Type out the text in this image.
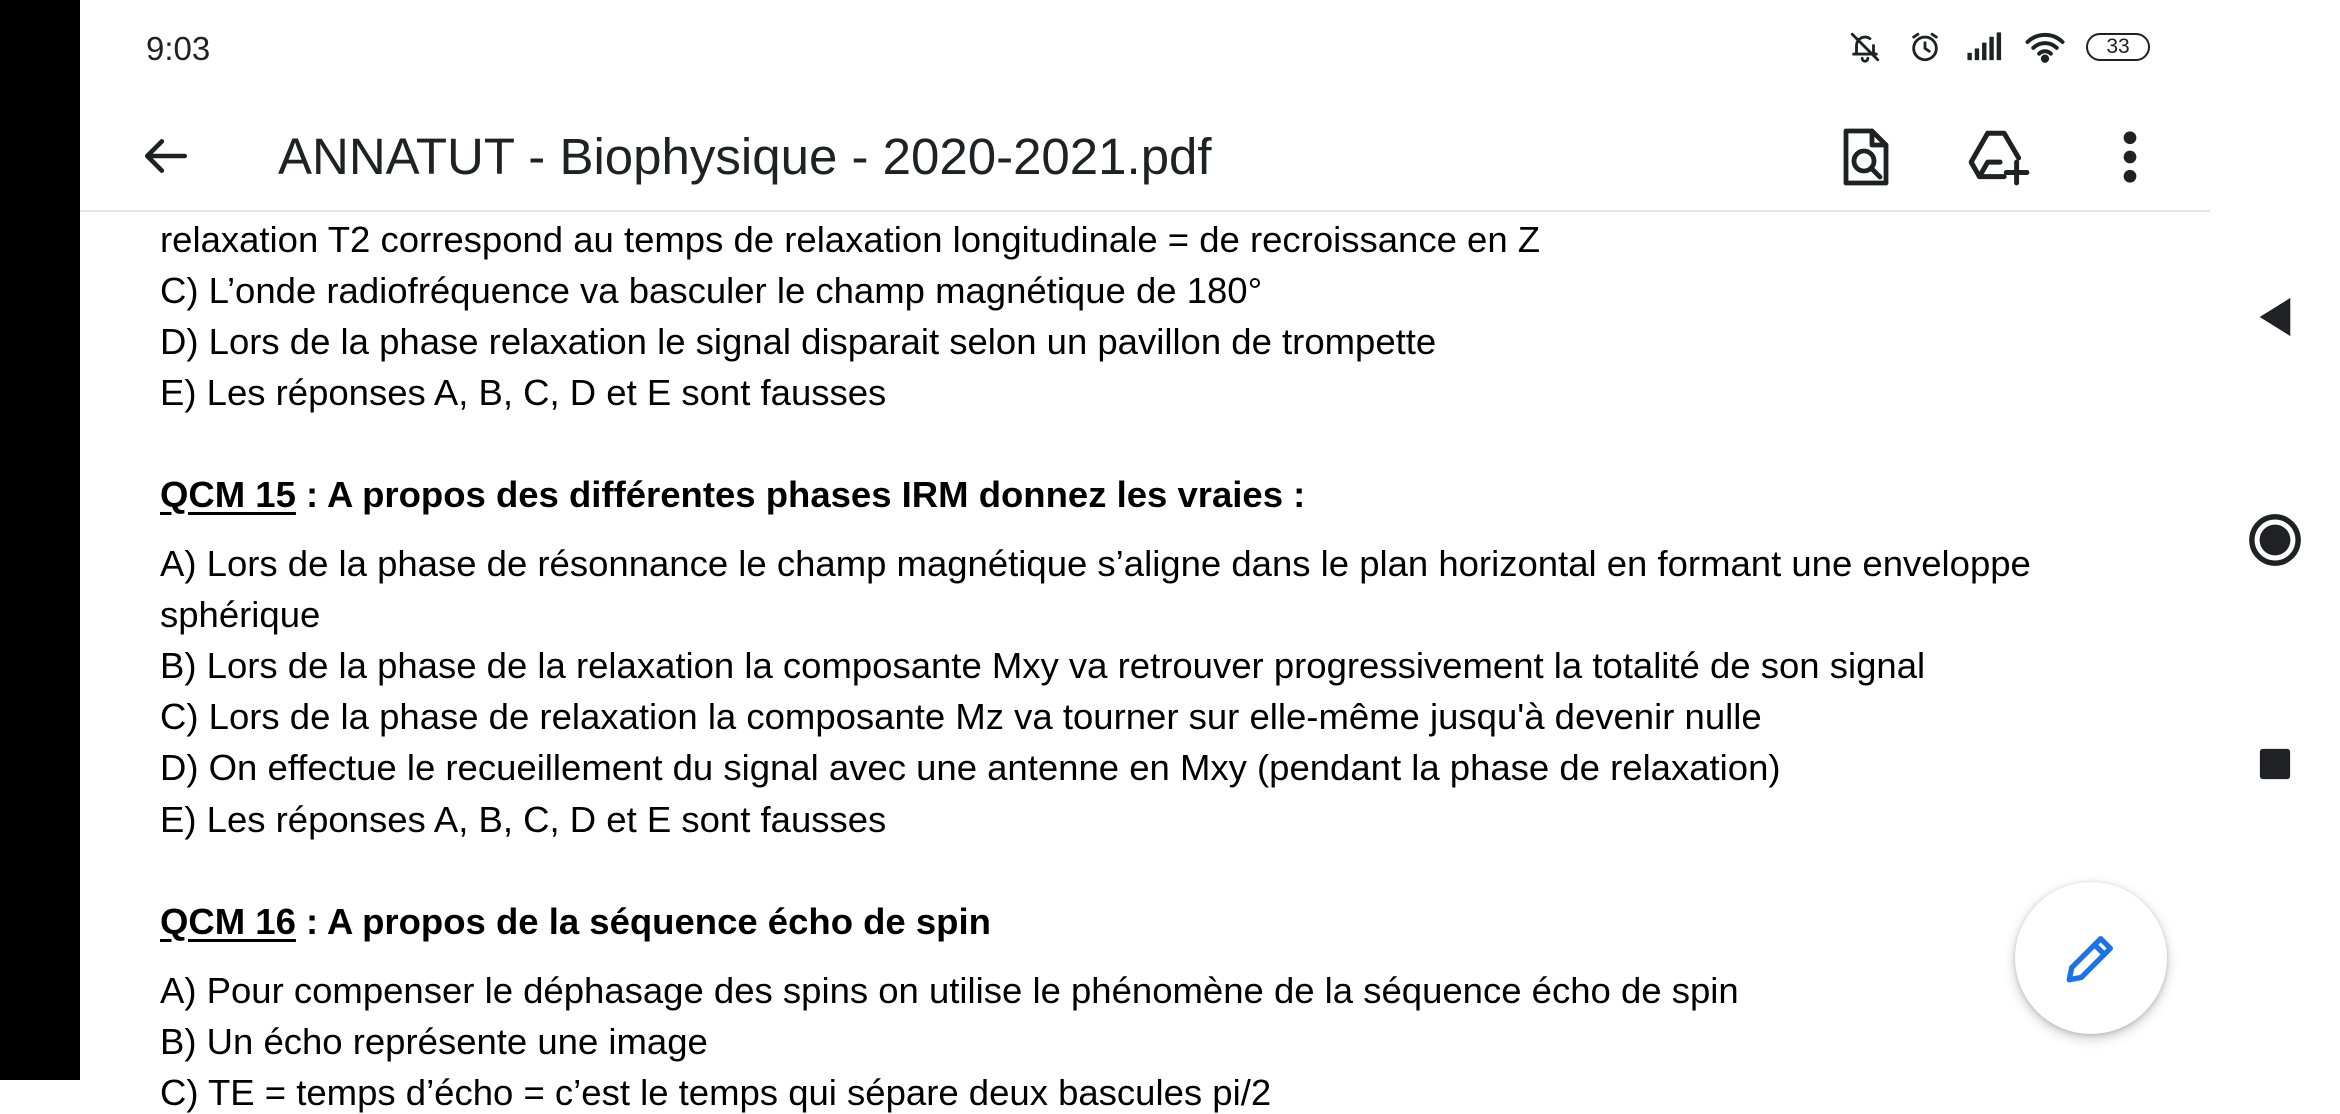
9:03	33
ANNATUT - Biophysique - 2020-2021.pdf
relaxation T2 correspond au temps de relaxation longitudinale = de recroissance en Z
C) L’onde radiofréquence va basculer le champ magnétique de 180°
D) Lors de la phase relaxation le signal disparait selon un pavillon de trompette
E) Les réponses A, B, C, D et E sont fausses
QCM 15 : A propos des différentes phases IRM donnez les vraies :
A) Lors de la phase de résonnance le champ magnétique s’aligne dans le plan horizontal en formant une enveloppe
sphérique
B) Lors de la phase de la relaxation la composante Mxy va retrouver progressivement la totalité de son signal
C) Lors de la phase de relaxation la composante Mz va tourner sur elle-même jusqu'à devenir nulle
D) On effectue le recueillement du signal avec une antenne en Mxy (pendant la phase de relaxation)
E) Les réponses A, B, C, D et E sont fausses
QCM 16 : A propos de la séquence écho de spin
A) Pour compenser le déphasage des spins on utilise le phénomène de la séquence écho de spin
B) Un écho représente une image
C) TE = temps d’écho = c’est le temps qui sépare deux bascules pi/2
